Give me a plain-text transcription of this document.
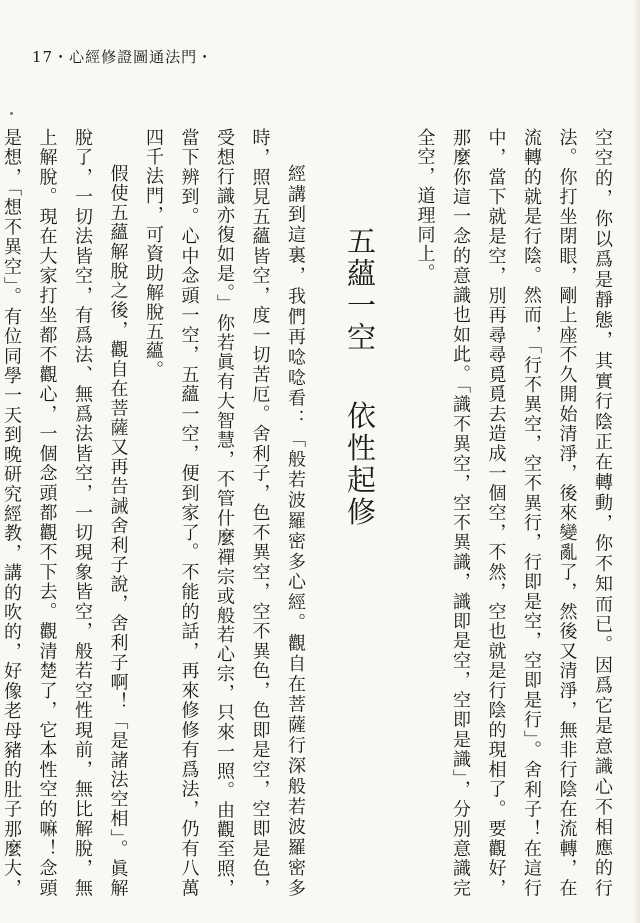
17・心經修證圖通法門・

空空的，你以爲是靜態，其實行陰正在轉動，你不知而已。因爲它是意識心不相應的行法。你打坐閉眼，剛上座不久開始清淨，後來變亂了，然後又清淨，無非行陰在流轉，在流轉的就是行陰。然而，「行不異空，空不異行，行即是空，空即是行」。舍利子！在這行中，當下就是空，別再尋尋覓覓去造成一個空，不然，空也就是行陰的現相了。要觀好，那麼你這一念的意識也如此。「識不異空，空不異識，識即是空，空即是識」，分別意識完全空，道理同上。

五蘊一空依性起修

經講到這裏，我們再唸唸看：「般若波羅密多心經。觀自在菩薩行深般若波羅密多時，照見五蘊皆空，度一切苦厄。舍利子，色不異空，空不異色，色即是空，空即是色，受想行識亦復如是。」你若眞有大智慧，不管什麼禪宗或般若心宗，只來一照。由觀至照，當下辨到。心中念頭一空，五蘊一空，便到家了。不能的話，再來修修有爲法，仍有八萬四千法門，可資助解脫五蘊。

假使五蘊解脫之後，觀自在菩薩又再告誡舍利子說，舍利子啊！「是諸法空相」。眞解脫了，一切法皆空，有爲法、無爲法皆空，一切現象皆空，般若空性現前，無比解脫，無上解脫。現在大家打坐都不觀心，一個念頭都觀不下去。觀清楚了，它本性空的嘛！念頭是想，「想不異空」。有位同學一天到晚研究經教，講的吹的，好像老母豬的肚子那麼大，　
